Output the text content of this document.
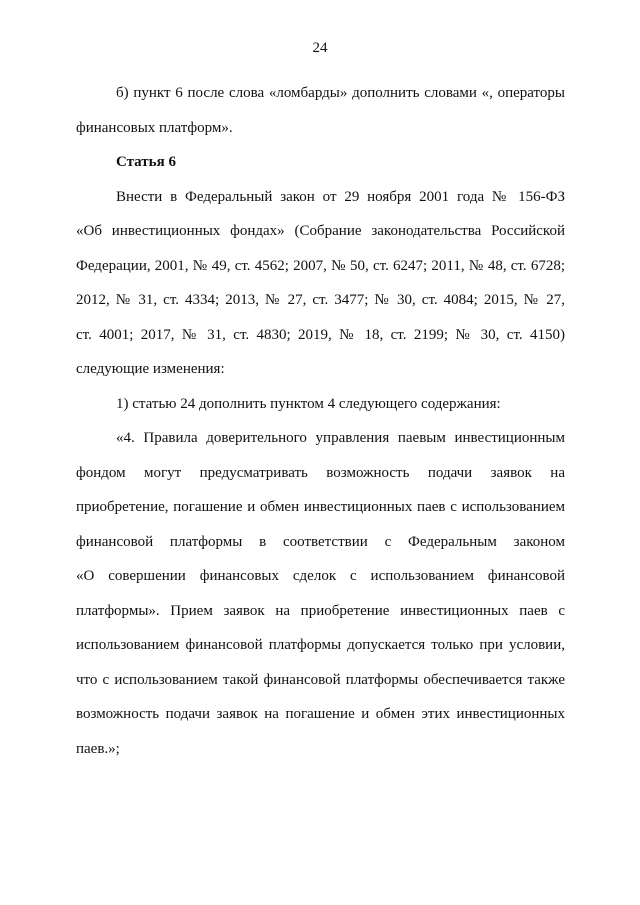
24
б) пункт 6 после слова «ломбарды» дополнить словами «, операторы
финансовых платформ».

Статья 6

Внести в Федеральный закон от 29 ноября 2001 года № 156-ФЗ
«Об инвестиционных фондах» (Собрание законодательства Российской
Федерации, 2001, № 49, ст. 4562; 2007, № 50, ст. 6247; 2011, № 48, ст. 6728;
2012, № 31, ст. 4334; 2013, № 27, ст. 3477; № 30, ст. 4084; 2015, № 27,
ст. 4001; 2017, № 31, ст. 4830; 2019, № 18, ст. 2199; № 30, ст. 4150)
следующие изменения:
1) статью 24 дополнить пунктом 4 следующего содержания:
«4. Правила доверительного управления паевым инвестиционным
фондом могут предусматривать возможность подачи заявок на
приобретение, погашение и обмен инвестиционных паев с использованием
финансовой платформы в соответствии с Федеральным законом
«О совершении финансовых сделок с использованием финансовой
платформы». Прием заявок на приобретение инвестиционных паев с
использованием финансовой платформы допускается только при условии,
что с использованием такой финансовой платформы обеспечивается также
возможность подачи заявок на погашение и обмен этих инвестиционных
паев.»;
